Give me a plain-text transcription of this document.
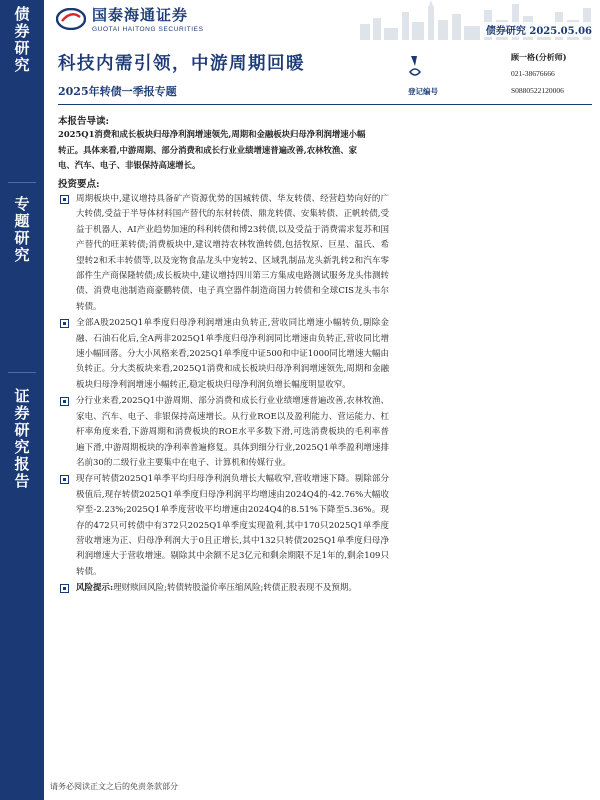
债
券
研
究
专
题
研
究
证
券
研
究
报
告
国泰海通证券
GUOTAI HAITONG SECURITIES	债券研究 2025.05.06
科技内需引领，中游周期回暖
2025年转债一季报专题
顾一格(分析师)
021-38676666
登记编号	S0880522120006
本报告导读:
2025Q1消费和成长板块归母净利润增速领先,周期和金融板块归母净利润增速小幅转正。具体来看,中游周期、部分消费和成长行业业绩增速普遍改善,农林牧渔、家电、汽车、电子、非银保持高速增长。
投资要点:
周期板块中,建议增持具备矿产资源优势的国城转债、华友转债、经营趋势向好的广大转债,受益于半导体材料国产替代的东材转债、鼎龙转债、安集转债、正帆转债,受益于机器人、AI产业趋势加速的科利转债和博23转债,以及受益于消费需求复苏和国产替代的旺莱转债;消费板块中,建议增持农林牧渔转债,包括牧原、巨星、温氏、希望转2和禾丰转债等,以及宠物食品龙头中宠转2、区域乳制品龙头新乳转2和汽车零部件生产商保隆转债;成长板块中,建议增持四川第三方集成电路测试服务龙头伟测转债、消费电池制造商豪鹏转债、电子真空器件制造商国力转债和全球CIS龙头韦尔转债。
全部A股2025Q1单季度归母净利润增速由负转正,营收同比增速小幅转负,剔除金融、石油石化后,全A两非2025Q1单季度归母净利润同比增速由负转正,营收同比增速小幅回落。分大小风格来看,2025Q1单季度中证500和中证1000同比增速大幅由负转正。分大类板块来看,2025Q1消费和成长板块归母净利润增速领先,周期和金融板块归母净利润增速小幅转正,稳定板块归母净利润负增长幅度明显收窄。
分行业来看,2025Q1中游周期、部分消费和成长行业业绩增速普遍改善,农林牧渔、家电、汽车、电子、非银保持高速增长。从行业ROE以及盈利能力、营运能力、杠杆率角度来看,下游周期和消费板块的ROE水平多数下滑,可选消费板块的毛利率普遍下滑,中游周期板块的净利率普遍修复。具体到细分行业,2025Q1单季盈利增速排名前30的二级行业主要集中在电子、计算机和传媒行业。
现存可转债2025Q1单季平均归母净利润负增长大幅收窄,营收增速下降。剔除部分极值后,现存转债2025Q1单季度归母净利润平均增速由2024Q4的-42.76%大幅收窄至-2.23%;2025Q1单季度营收平均增速由2024Q4的8.51%下降至5.36%。现存的472只可转债中有372只2025Q1单季度实现盈利,其中170只2025Q1单季度营收增速为正、归母净利润大于0且正增长,其中132只转债2025Q1单季度归母净利润增速大于营收增速。剔除其中余额不足3亿元和剩余期限不足1年的,剩余109只转债。
风险提示:理财赎回风险;转债转股溢价率压缩风险;转债正股表现不及预期。
请务必阅读正文之后的免责条款部分
